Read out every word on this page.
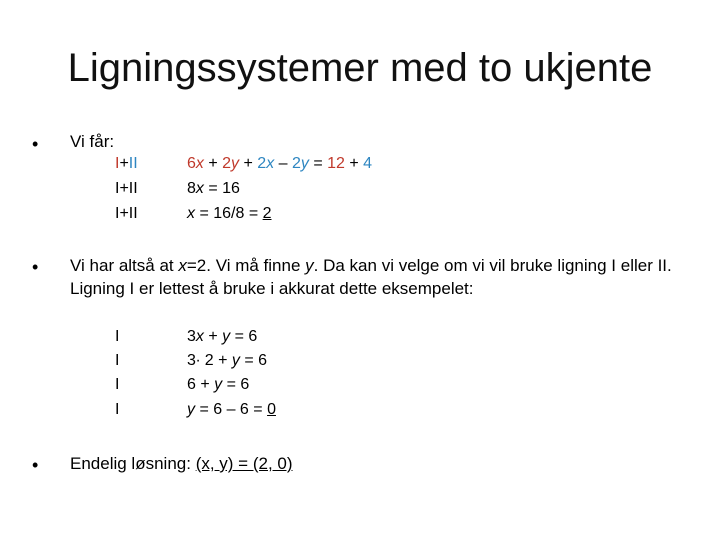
Ligningssystemer med to ukjente
• Vi får:
I+II	6x + 2y + 2x – 2y = 12 + 4
I+II	8x = 16
I+II	x = 16/8 = 2
• Vi har altså at x=2. Vi må finne y. Da kan vi velge om vi vil bruke ligning I eller II.
Ligning I er lettest å bruke i akkurat dette eksempelet:
I	3x + y = 6
I	3∙ 2 + y = 6
I	6 + y = 6
I	y = 6 – 6 = 0
• Endelig løsning: (x, y) = (2, 0)
